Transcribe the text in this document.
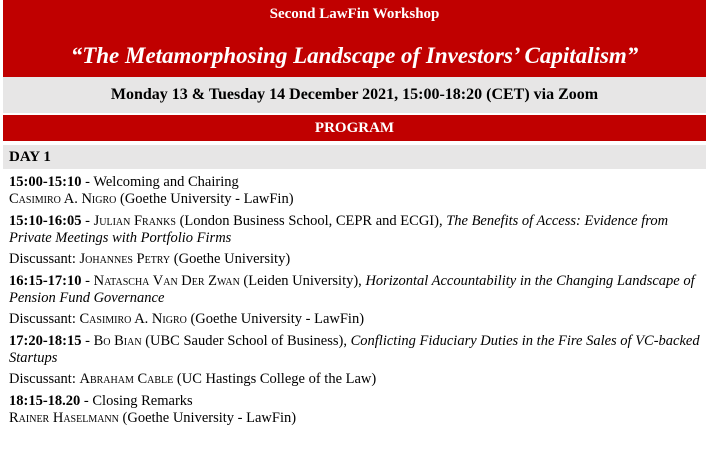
Second LawFin Workshop
“The Metamorphosing Landscape of Investors’ Capitalism”
Monday 13 & Tuesday 14 December 2021, 15:00-18:20 (CET) via Zoom
PROGRAM
DAY 1

15:00-15:10 - Welcoming and Chairing

Casimiro A. Nigro (Goethe University - LawFin)

15:10-16:05 - Julian Franks (London Business School, CEPR and ECGI), The Benefits of Access: Evidence from Private Meetings with Portfolio Firms

Discussant: Johannes Petry (Goethe University)

16:15-17:10 - Natascha Van Der Zwan (Leiden University), Horizontal Accountability in the Changing Landscape of Pension Fund Governance

Discussant: Casimiro A. Nigro (Goethe University - LawFin)

17:20-18:15 - Bo Bian (UBC Sauder School of Business), Conflicting Fiduciary Duties in the Fire Sales of VC-backed Startups

Discussant: Abraham Cable (UC Hastings College of the Law)

18:15-18.20 - Closing Remarks

Rainer Haselmann (Goethe University - LawFin)
